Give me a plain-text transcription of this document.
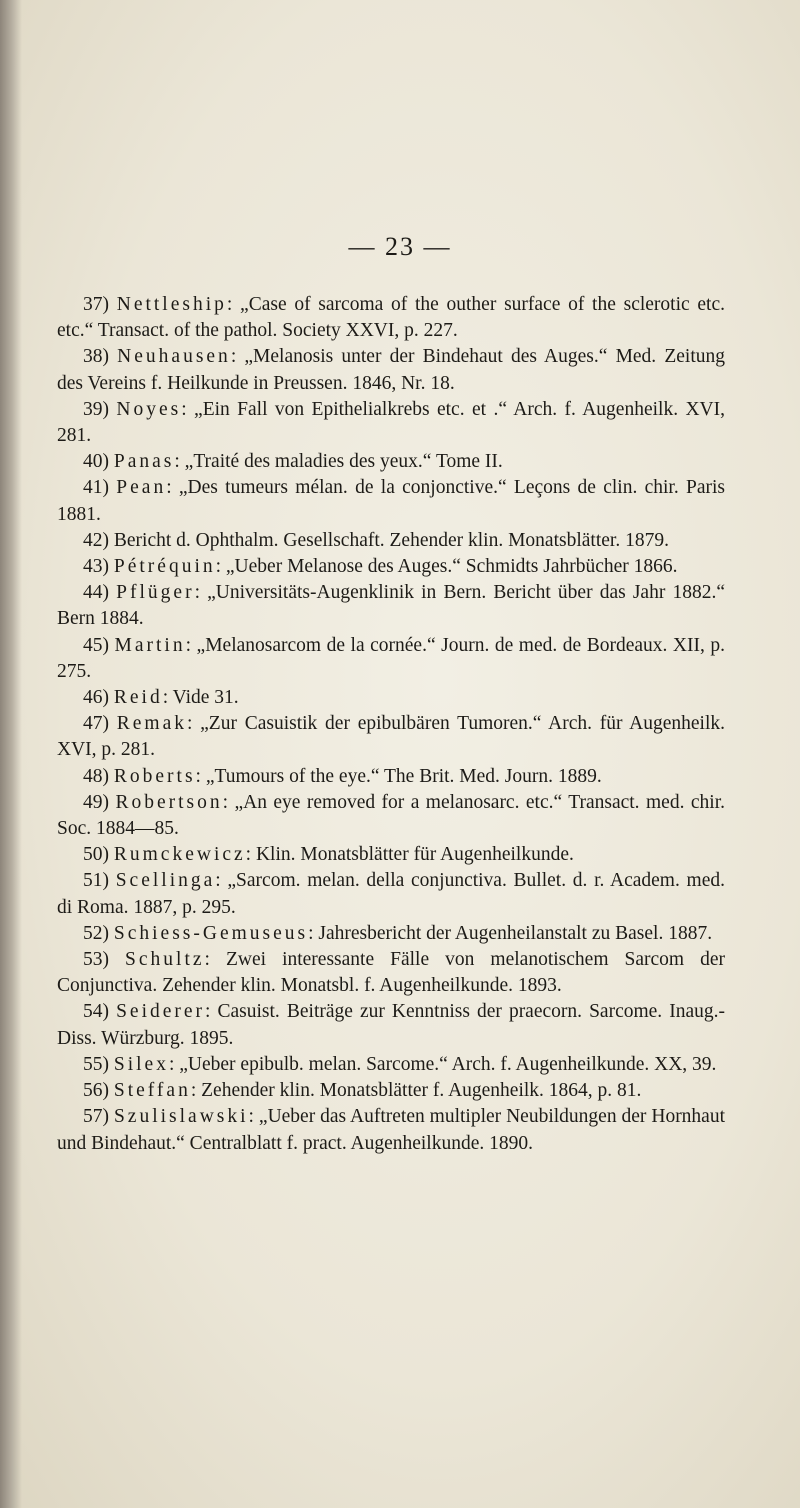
— 23 —

37) Nettleship: „Case of sarcoma of the outher surface of the sclerotic etc. etc.“ Transact. of the pathol. Society XXVI, p. 227.

38) Neuhausen: „Melanosis unter der Bindehaut des Auges.“ Med. Zeitung des Vereins f. Heilkunde in Preussen. 1846, Nr. 18.

39) Noyes: „Ein Fall von Epithelialkrebs etc. et .“ Arch. f. Augenheilk. XVI, 281.

40) Panas: „Traité des maladies des yeux.“ Tome II.

41) Pean: „Des tumeurs mélan. de la conjonctive.“ Leçons de clin. chir. Paris 1881.

42) Bericht d. Ophthalm. Gesellschaft. Zehender klin. Monatsblätter. 1879.

43) Pétréquin: „Ueber Melanose des Auges.“ Schmidts Jahrbücher 1866.

44) Pflüger: „Universitäts-Augenklinik in Bern. Bericht über das Jahr 1882.“ Bern 1884.

45) Martin: „Melanosarcom de la cornée.“ Journ. de med. de Bordeaux. XII, p. 275.

46) Reid: Vide 31.

47) Remak: „Zur Casuistik der epibulbären Tumoren.“ Arch. für Augenheilk. XVI, p. 281.

48) Roberts: „Tumours of the eye.“ The Brit. Med. Journ. 1889.

49) Robertson: „An eye removed for a melanosarc. etc.“ Transact. med. chir. Soc. 1884—85.

50) Rumckewicz: Klin. Monatsblätter für Augenheilkunde.

51) Scellinga: „Sarcom. melan. della conjunctiva. Bullet. d. r. Academ. med. di Roma. 1887, p. 295.

52) Schiess-Gemuseus: Jahresbericht der Augenheilanstalt zu Basel. 1887.

53) Schultz: Zwei interessante Fälle von melanotischem Sarcom der Conjunctiva. Zehender klin. Monatsbl. f. Augenheilkunde. 1893.

54) Seiderer: Casuist. Beiträge zur Kenntniss der praecorn. Sarcome. Inaug.-Diss. Würzburg. 1895.

55) Silex: „Ueber epibulb. melan. Sarcome.“ Arch. f. Augenheilkunde. XX, 39.

56) Steffan: Zehender klin. Monatsblätter f. Augenheilk. 1864, p. 81.

57) Szulislawski: „Ueber das Auftreten multipler Neubildungen der Hornhaut und Bindehaut.“ Centralblatt f. pract. Augenheilkunde. 1890.
